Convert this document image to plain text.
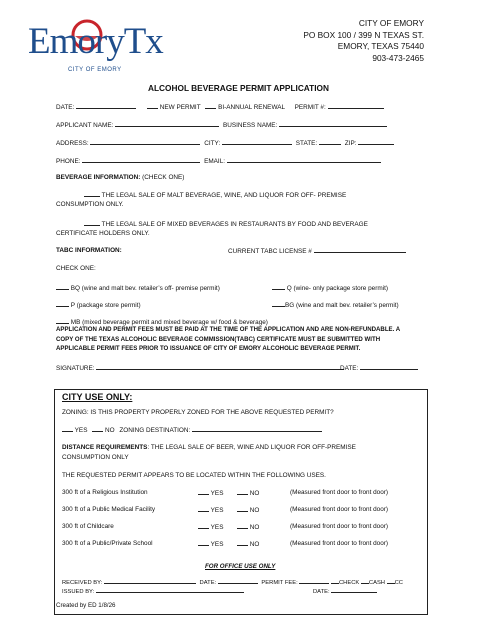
EmoryTx
CITY OF EMORY
CITY OF EMORY
PO BOX 100 / 399 N TEXAS ST.
EMORY, TEXAS 75440
903-473-2465
ALCOHOL BEVERAGE PERMIT APPLICATION
DATE:	NEW PERMIT	BI-ANNUAL RENEWAL PERMIT #:
APPLICANT NAME:	BUSINESS NAME:
ADDRESS:	CITY:	STATE:	ZIP:
PHONE:	EMAIL:
BEVERAGE INFORMATION: (CHECK ONE)
THE LEGAL SALE OF MALT BEVERAGE, WINE, AND LIQUOR FOR OFF- PREMISE
CONSUMPTION ONLY.
THE LEGAL SALE OF MIXED BEVERAGES IN RESTAURANTS BY FOOD AND BEVERAGE
CERTIFICATE HOLDERS ONLY.
TABC INFORMATION:	CURRENT TABC LICENSE #
CHECK ONE:
BQ (wine and malt bev. retailer’s off- premise permit)	Q (wine- only package store permit)
P (package store permit)	BG (wine and malt bev. retailer’s permit)
MB (mixed beverage permit and mixed beverage w/ food & beverage)
APPLICATION AND PERMIT FEES MUST BE PAID AT THE TIME OF THE APPLICATION AND ARE NON-REFUNDABLE. A
COPY OF THE TEXAS ALCOHOLIC BEVERAGE COMMISSION(TABC) CERTIFICATE MUST BE SUBMITTED WITH
APPLICABLE PERMIT FEES PRIOR TO ISSUANCE OF CITY OF EMORY ALCOHOLIC BEVERAGE PERMIT.
SIGNATURE:	DATE:
CITY USE ONLY:
ZONING: IS THIS PROPERTY PROPERLY ZONED FOR THE ABOVE REQUESTED PERMIT?
YES	NO ZONING DESTINATION:
DISTANCE REQUIREMENTS: THE LEGAL SALE OF BEER, WINE AND LIQUOR FOR OFF-PREMISE
CONSUMPTION ONLY
THE REQUESTED PERMIT APPEARS TO BE LOCATED WITHIN THE FOLLOWING USES.
300 ft of a Religious Institution	YES	NO	(Measured front door to front door)
300 ft of a Public Medical Facility	YES	NO	(Measured front door to front door)
300 ft of Childcare	YES	NO	(Measured front door to front door)
300 ft of a Public/Private School	YES	NO	(Measured front door to front door)
FOR OFFICE USE ONLY
RECEIVED BY:	DATE:	PERMIT FEE:	CHECK CASH CC
ISSUED BY:	DATE:
Created by ED 1/8/26
